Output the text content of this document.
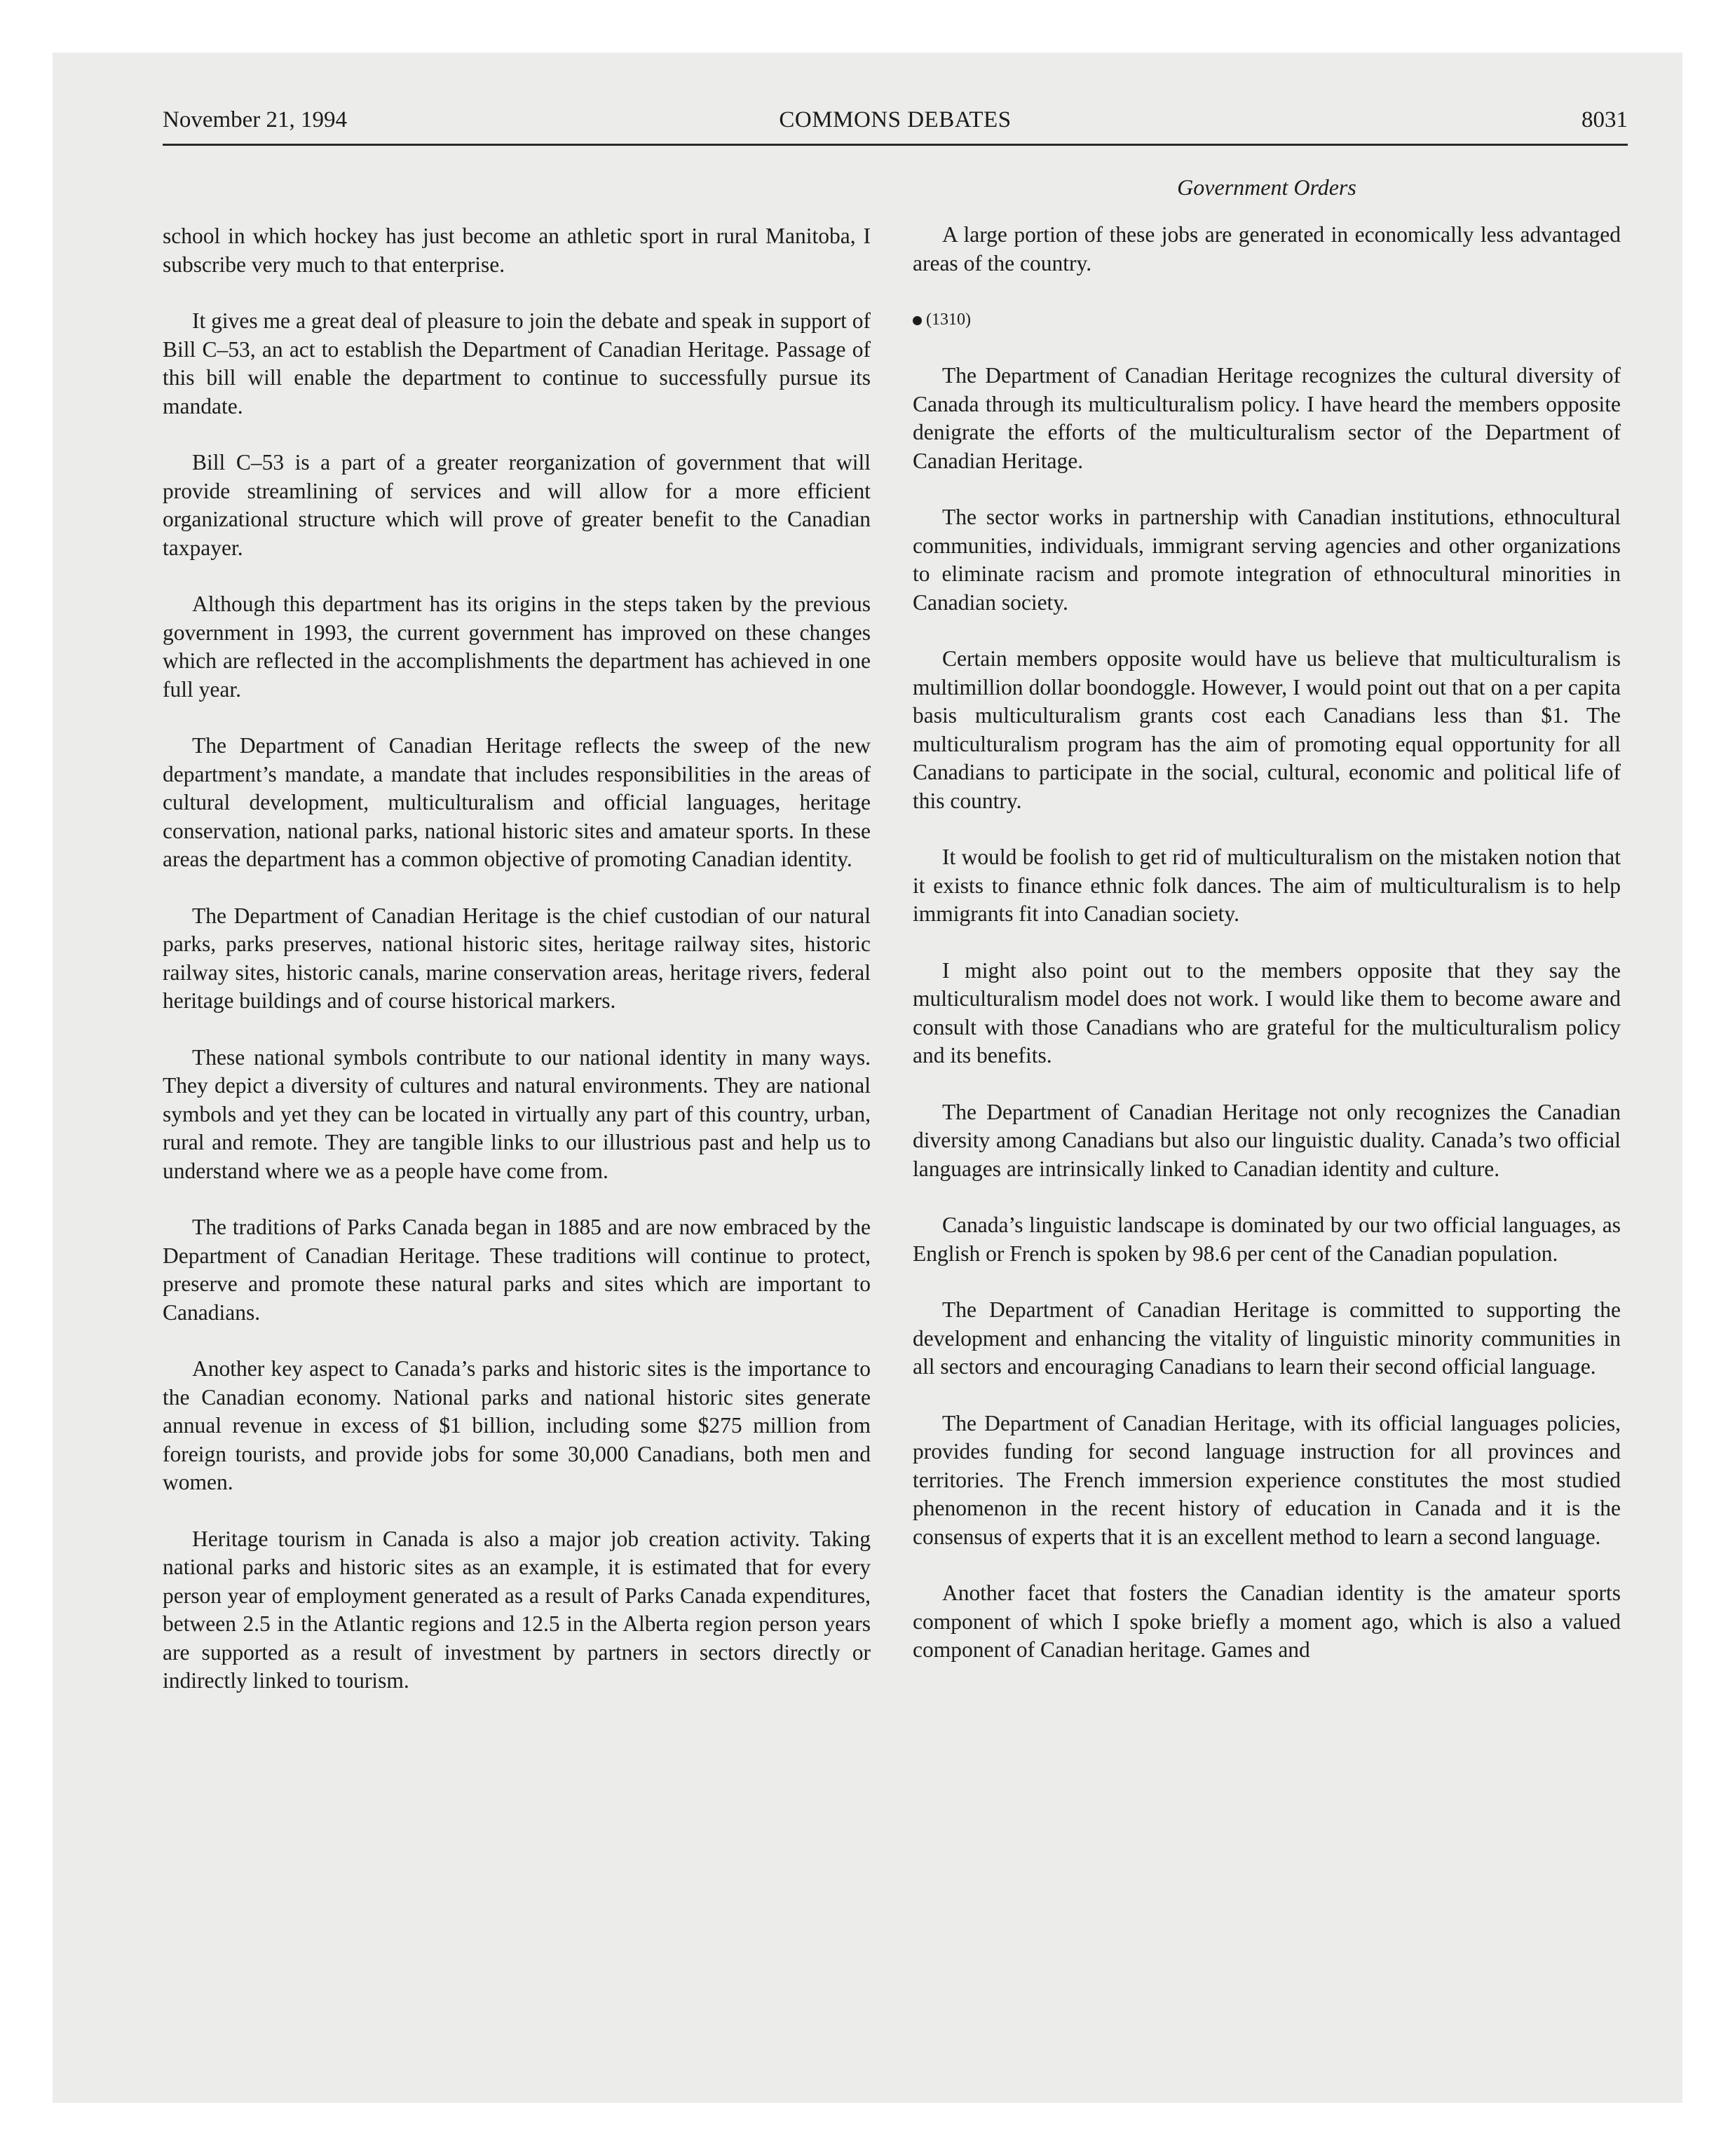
November 21, 1994	COMMONS DEBATES	8031

school in which hockey has just become an athletic sport in rural Manitoba, I subscribe very much to that enterprise.

It gives me a great deal of pleasure to join the debate and speak in support of Bill C–53, an act to establish the Department of Canadian Heritage. Passage of this bill will enable the department to continue to successfully pursue its mandate.

Bill C–53 is a part of a greater reorganization of government that will provide streamlining of services and will allow for a more efficient organizational structure which will prove of greater benefit to the Canadian taxpayer.

Although this department has its origins in the steps taken by the previous government in 1993, the current government has improved on these changes which are reflected in the accomplishments the department has achieved in one full year.

The Department of Canadian Heritage reflects the sweep of the new department’s mandate, a mandate that includes responsibilities in the areas of cultural development, multiculturalism and official languages, heritage conservation, national parks, national historic sites and amateur sports. In these areas the department has a common objective of promoting Canadian identity.

The Department of Canadian Heritage is the chief custodian of our natural parks, parks preserves, national historic sites, heritage railway sites, historic railway sites, historic canals, marine conservation areas, heritage rivers, federal heritage buildings and of course historical markers.

These national symbols contribute to our national identity in many ways. They depict a diversity of cultures and natural environments. They are national symbols and yet they can be located in virtually any part of this country, urban, rural and remote. They are tangible links to our illustrious past and help us to understand where we as a people have come from.

The traditions of Parks Canada began in 1885 and are now embraced by the Department of Canadian Heritage. These traditions will continue to protect, preserve and promote these natural parks and sites which are important to Canadians.

Another key aspect to Canada’s parks and historic sites is the importance to the Canadian economy. National parks and national historic sites generate annual revenue in excess of $1 billion, including some $275 million from foreign tourists, and provide jobs for some 30,000 Canadians, both men and women.

Heritage tourism in Canada is also a major job creation activity. Taking national parks and historic sites as an example, it is estimated that for every person year of employment generated as a result of Parks Canada expenditures, between 2.5 in the Atlantic regions and 12.5 in the Alberta region person years are supported as a result of investment by partners in sectors directly or indirectly linked to tourism.

Government Orders

A large portion of these jobs are generated in economically less advantaged areas of the country.

(1310)

The Department of Canadian Heritage recognizes the cultural diversity of Canada through its multiculturalism policy. I have heard the members opposite denigrate the efforts of the multiculturalism sector of the Department of Canadian Heritage.

The sector works in partnership with Canadian institutions, ethnocultural communities, individuals, immigrant serving agencies and other organizations to eliminate racism and promote integration of ethnocultural minorities in Canadian society.

Certain members opposite would have us believe that multiculturalism is multimillion dollar boondoggle. However, I would point out that on a per capita basis multiculturalism grants cost each Canadians less than $1. The multiculturalism program has the aim of promoting equal opportunity for all Canadians to participate in the social, cultural, economic and political life of this country.

It would be foolish to get rid of multiculturalism on the mistaken notion that it exists to finance ethnic folk dances. The aim of multiculturalism is to help immigrants fit into Canadian society.

I might also point out to the members opposite that they say the multiculturalism model does not work. I would like them to become aware and consult with those Canadians who are grateful for the multiculturalism policy and its benefits.

The Department of Canadian Heritage not only recognizes the Canadian diversity among Canadians but also our linguistic duality. Canada’s two official languages are intrinsically linked to Canadian identity and culture.

Canada’s linguistic landscape is dominated by our two official languages, as English or French is spoken by 98.6 per cent of the Canadian population.

The Department of Canadian Heritage is committed to supporting the development and enhancing the vitality of linguistic minority communities in all sectors and encouraging Canadians to learn their second official language.

The Department of Canadian Heritage, with its official languages policies, provides funding for second language instruction for all provinces and territories. The French immersion experience constitutes the most studied phenomenon in the recent history of education in Canada and it is the consensus of experts that it is an excellent method to learn a second language.

Another facet that fosters the Canadian identity is the amateur sports component of which I spoke briefly a moment ago, which is also a valued component of Canadian heritage. Games and
